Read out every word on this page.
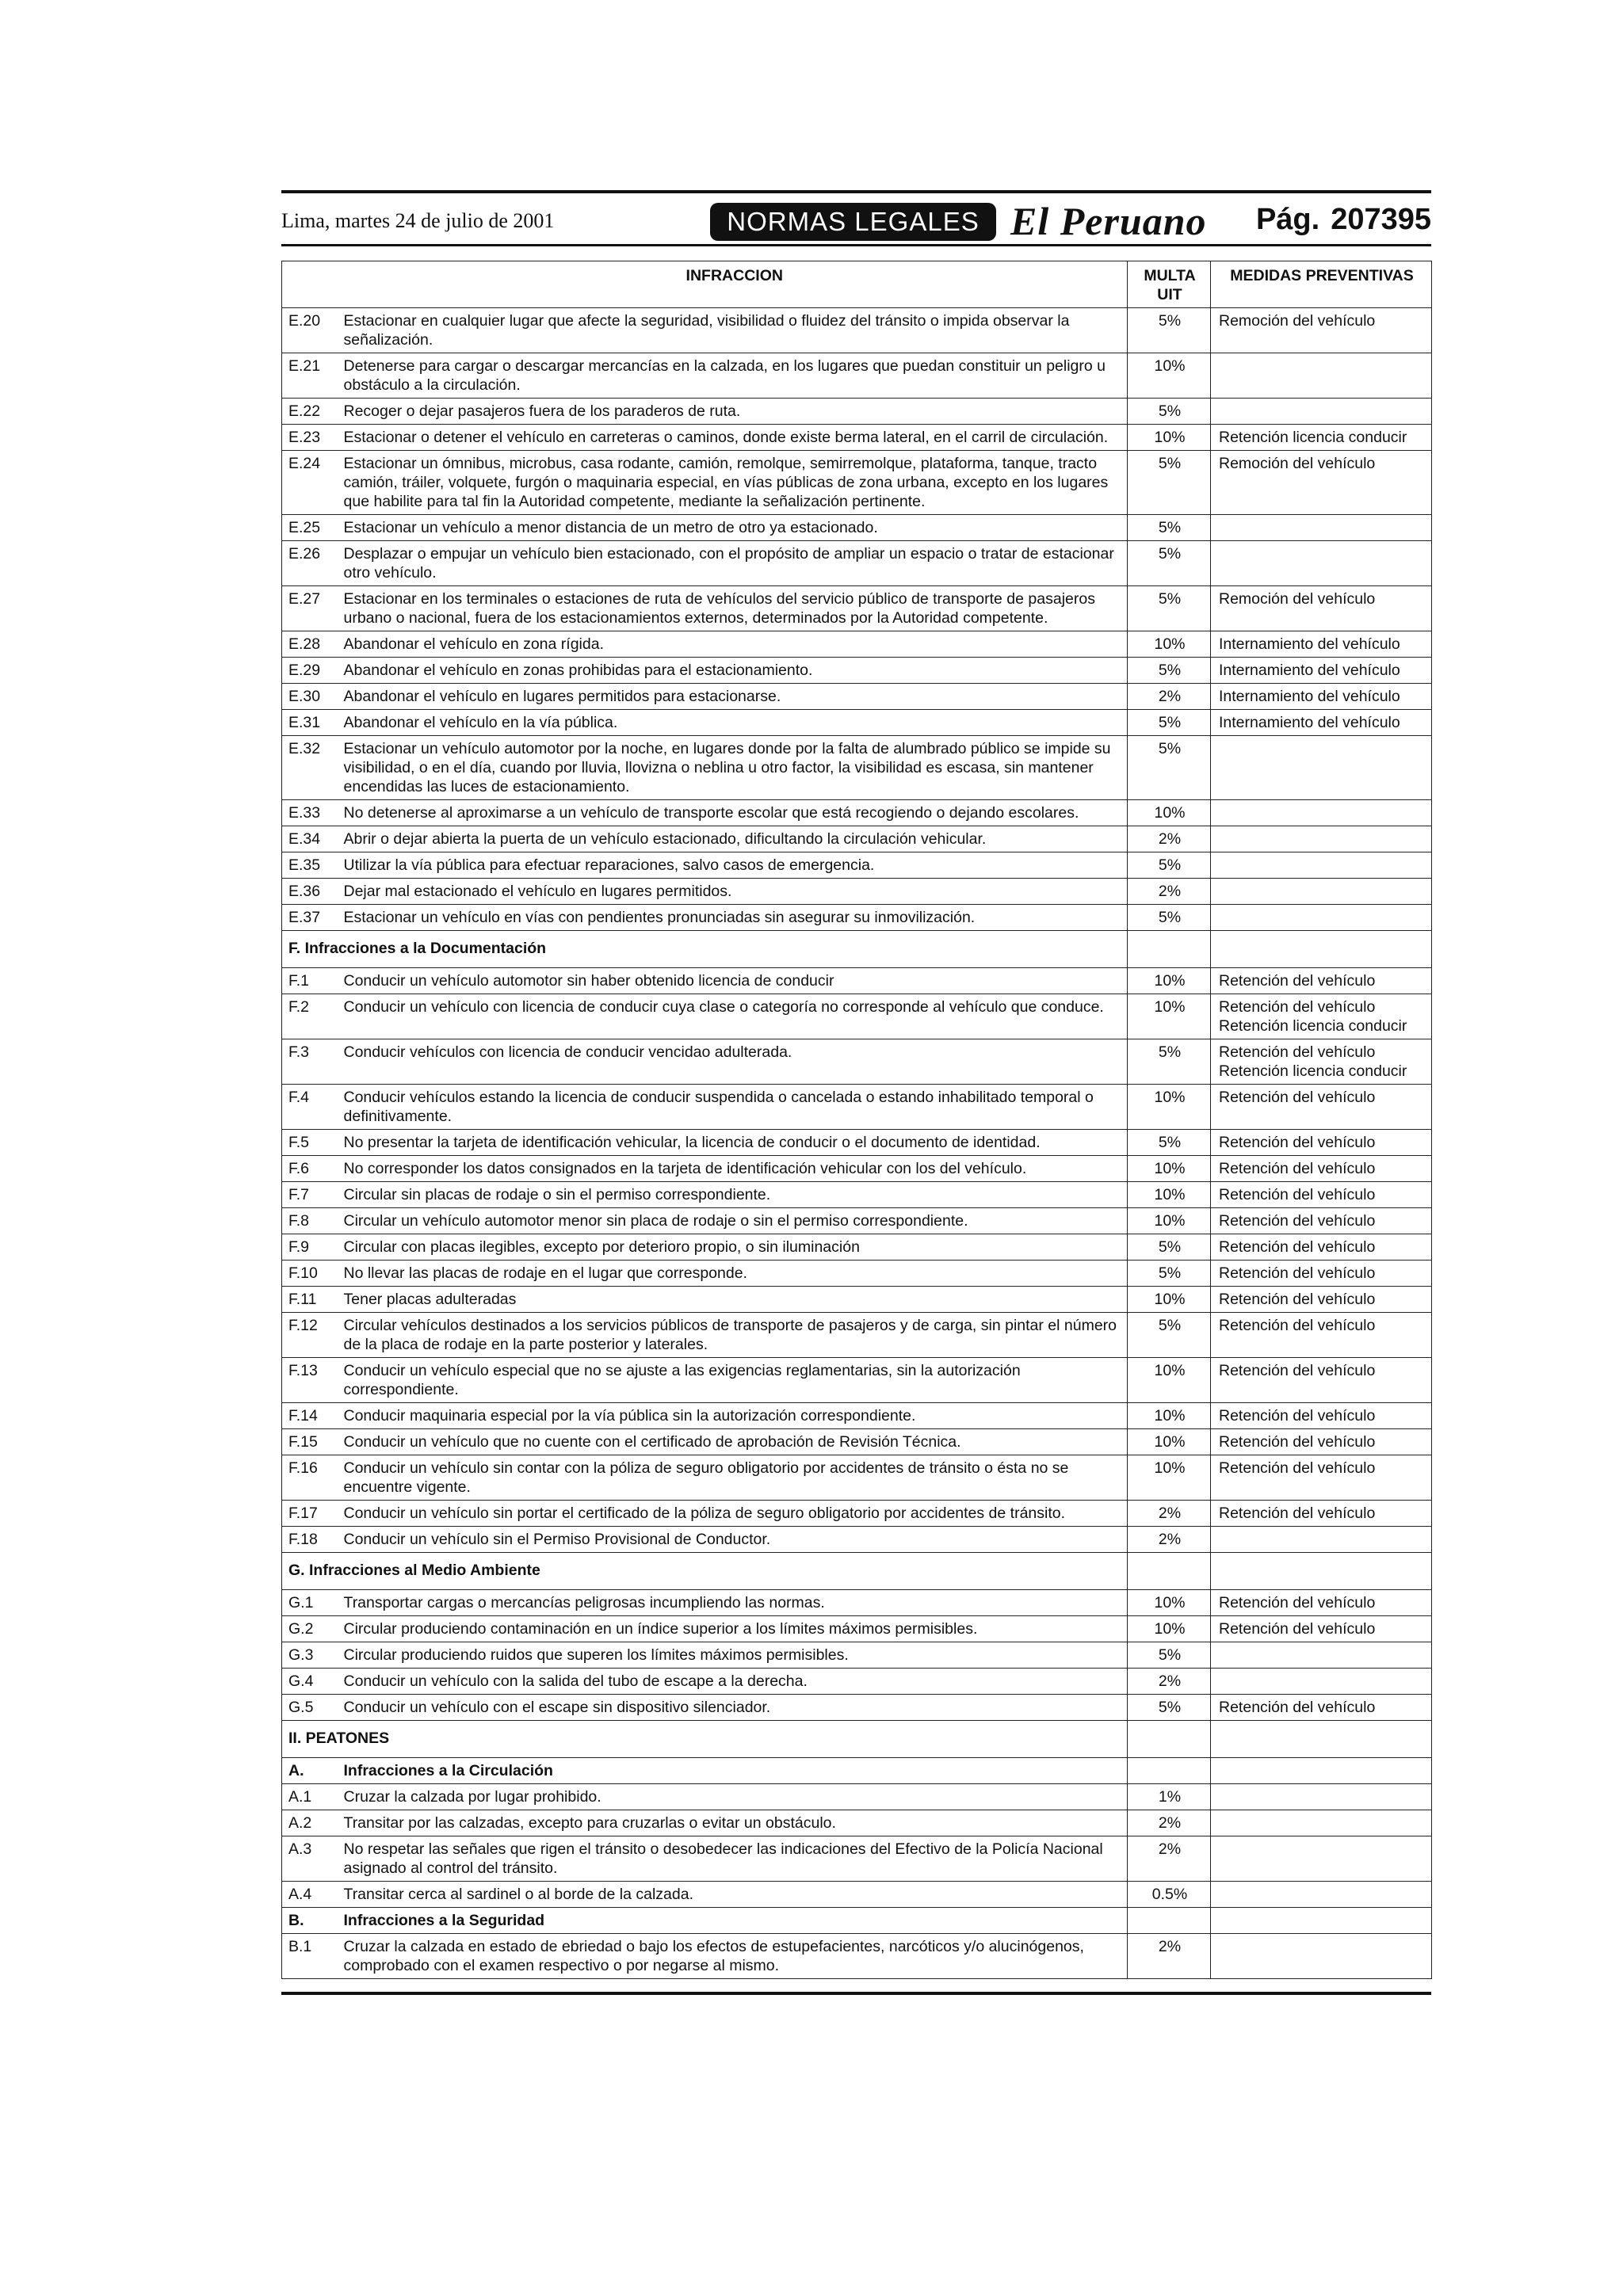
Lima, martes 24 de julio de 2001	NORMAS LEGALES El Peruano Pág. 207395
	INFRACCION	MULTA UIT	MEDIDAS PREVENTIVAS
E.20	Estacionar en cualquier lugar que afecte la seguridad, visibilidad o fluidez del tránsito o impida observar la señalización.	5%	Remoción del vehículo

E.21	Detenerse para cargar o descargar mercancías en la calzada, en los lugares que puedan constituir un peligro u obstáculo a la circulación.	10%	
E.22	Recoger o dejar pasajeros fuera de los paraderos de ruta.	5%	
E.23	Estacionar o detener el vehículo en carreteras o caminos, donde existe berma lateral, en el carril de circulación.	10%	Retención licencia conducir

E.24	Estacionar un ómnibus, microbus, casa rodante, camión, remolque, semirremolque, plataforma, tanque, tracto camión, tráiler, volquete, furgón o maquinaria especial, en vías públicas de zona urbana, excepto en los lugares que habilite para tal fin la Autoridad competente, mediante la señalización pertinente.	5%	Remoción del vehículo

E.25	Estacionar un vehículo a menor distancia de un metro de otro ya estacionado.	5%	
E.26	Desplazar o empujar un vehículo bien estacionado, con el propósito de ampliar un espacio o tratar de estacionar otro vehículo.	5%	
E.27	Estacionar en los terminales o estaciones de ruta de vehículos del servicio público de transporte de pasajeros urbano o nacional, fuera de los estacionamientos externos, determinados por la Autoridad competente.	5%	Remoción del vehículo

E.28	Abandonar el vehículo en zona rígida.	10%	Internamiento del vehículo

E.29	Abandonar el vehículo en zonas prohibidas para el estacionamiento.	5%	Internamiento del vehículo

E.30	Abandonar el vehículo en lugares permitidos para estacionarse.	2%	Internamiento del vehículo

E.31	Abandonar el vehículo en la vía pública.	5%	Internamiento del vehículo

E.32	Estacionar un vehículo automotor por la noche, en lugares donde por la falta de alumbrado público se impide su visibilidad, o en el día, cuando por lluvia, llovizna o neblina u otro factor, la visibilidad es escasa, sin mantener encendidas las luces de estacionamiento.	5%	
E.33	No detenerse al aproximarse a un vehículo de transporte escolar que está recogiendo o dejando escolares.	10%	
E.34	Abrir o dejar abierta la puerta de un vehículo estacionado, dificultando la circulación vehicular.	2%	
E.35	Utilizar la vía pública para efectuar reparaciones, salvo casos de emergencia.	5%	
E.36	Dejar mal estacionado el vehículo en lugares permitidos.	2%	
E.37	Estacionar un vehículo en vías con pendientes pronunciadas sin asegurar su inmovilización.	5%	
F. Infracciones a la Documentación			
F.1	Conducir un vehículo automotor sin haber obtenido licencia de conducir	10%	Retención del vehículo

F.2	Conducir un vehículo con licencia de conducir cuya clase o categoría no corresponde al vehículo que conduce.	10%	Retención del vehículo
Retención licencia conducir

F.3	Conducir vehículos con licencia de conducir vencidao adulterada.	5%	Retención del vehículo
Retención licencia conducir

F.4	Conducir vehículos estando la licencia de conducir suspendida o cancelada o estando inhabilitado temporal o definitivamente.	10%	Retención del vehículo

F.5	No presentar la tarjeta de identificación vehicular, la licencia de conducir o el documento de identidad.	5%	Retención del vehículo

F.6	No corresponder los datos consignados en la tarjeta de identificación vehicular con los del vehículo.	10%	Retención del vehículo

F.7	Circular sin placas de rodaje o sin el permiso correspondiente.	10%	Retención del vehículo

F.8	Circular un vehículo automotor menor sin placa de rodaje o sin el permiso correspondiente.	10%	Retención del vehículo

F.9	Circular con placas ilegibles, excepto por deterioro propio, o sin iluminación	5%	Retención del vehículo

F.10	No llevar las placas de rodaje en el lugar que corresponde.	5%	Retención del vehículo

F.11	Tener placas adulteradas	10%	Retención del vehículo

F.12	Circular vehículos destinados a los servicios públicos de transporte de pasajeros y de carga, sin pintar el número de la placa de rodaje en la parte posterior y laterales.	5%	Retención del vehículo

F.13	Conducir un vehículo especial que no se ajuste a las exigencias reglamentarias, sin la autorización correspondiente.	10%	Retención del vehículo

F.14	Conducir maquinaria especial por la vía pública sin la autorización correspondiente.	10%	Retención del vehículo

F.15	Conducir un vehículo que no cuente con el certificado de aprobación de Revisión Técnica.	10%	Retención del vehículo

F.16	Conducir un vehículo sin contar con la póliza de seguro obligatorio por accidentes de tránsito o ésta no se encuentre vigente.	10%	Retención del vehículo

F.17	Conducir un vehículo sin portar el certificado de la póliza de seguro obligatorio por accidentes de tránsito.	2%	Retención del vehículo

F.18	Conducir un vehículo sin el Permiso Provisional de Conductor.	2%	
G. Infracciones al Medio Ambiente			
G.1	Transportar cargas o mercancías peligrosas incumpliendo las normas.	10%	Retención del vehículo

G.2	Circular produciendo contaminación en un índice superior a los límites máximos permisibles.	10%	Retención del vehículo

G.3	Circular produciendo ruidos que superen los límites máximos permisibles.	5%	
G.4	Conducir un vehículo con la salida del tubo de escape a la derecha.	2%	
G.5	Conducir un vehículo con el escape sin dispositivo silenciador.	5%	Retención del vehículo

II. PEATONES			
A.	Infracciones a la Circulación		
A.1	Cruzar la calzada por lugar prohibido.	1%	
A.2	Transitar por las calzadas, excepto para cruzarlas o evitar un obstáculo.	2%	
A.3	No respetar las señales que rigen el tránsito o desobedecer las indicaciones del Efectivo de la Policía Nacional asignado al control del tránsito.	2%	
A.4	Transitar cerca al sardinel o al borde de la calzada.	0.5%	
B.	Infracciones a la Seguridad		
B.1	Cruzar la calzada en estado de ebriedad o bajo los efectos de estupefacientes, narcóticos y/o alucinógenos, comprobado con el examen respectivo o por negarse al mismo.	2%	
